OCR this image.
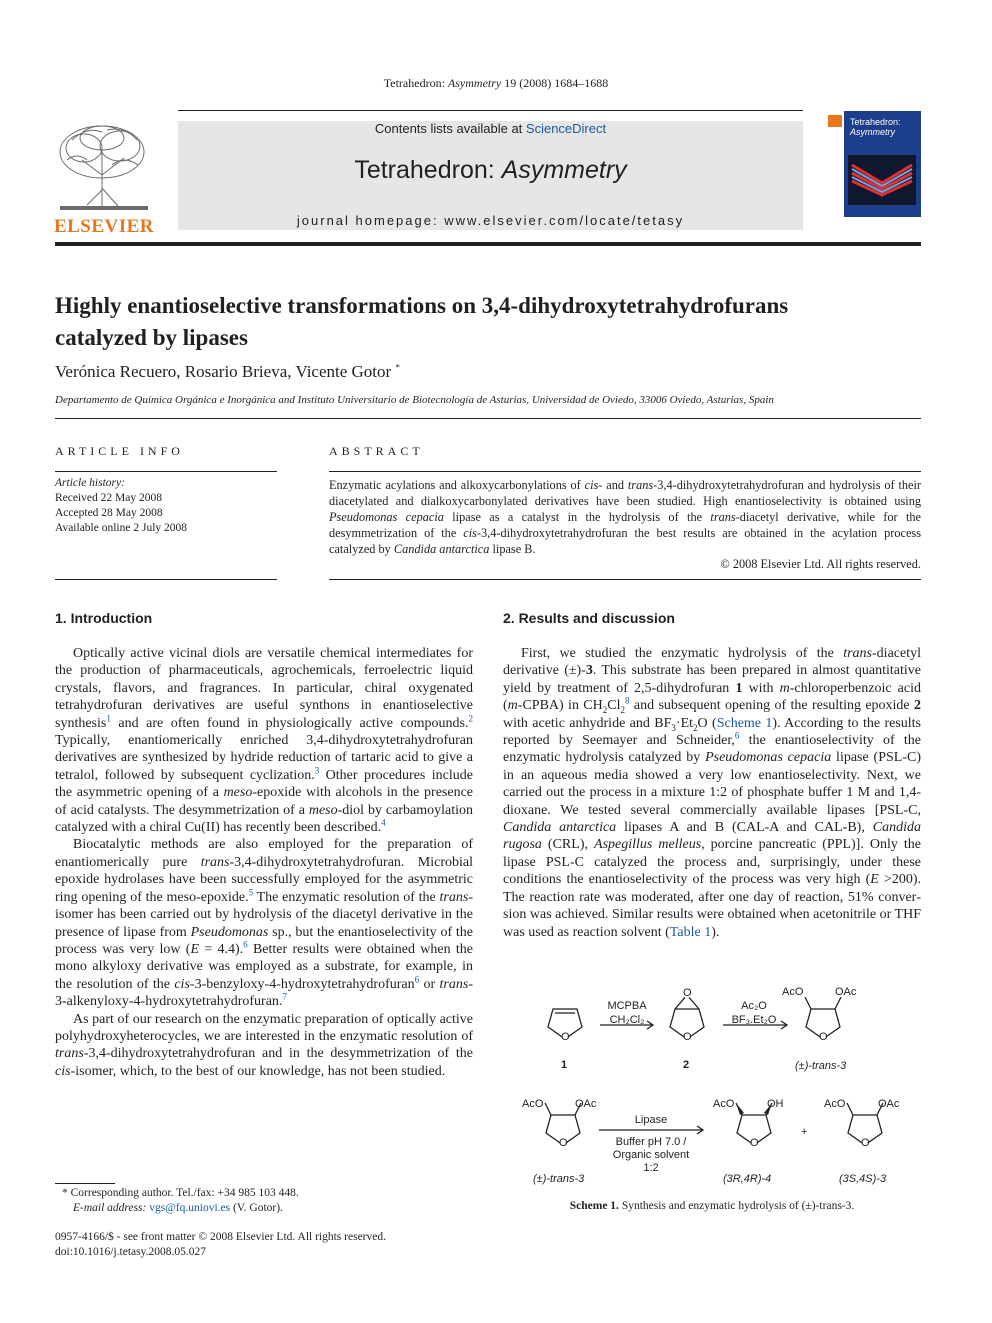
Tetrahedron: Asymmetry 19 (2008) 1684–1688
ELSEVIER
Contents lists available at ScienceDirect
Tetrahedron: Asymmetry
journal homepage: www.elsevier.com/locate/tetasy
Tetrahedron:
Asymmetry
Highly enantioselective transformations on 3,4-dihydroxytetrahydrofurans
catalyzed by lipases
Verónica Recuero, Rosario Brieva, Vicente Gotor *
Departamento de Química Orgánica e Inorgánica and Instituto Universitario de Biotecnología de Asturias, Universidad de Oviedo, 33006 Oviedo, Asturias, Spain
ARTICLE INFO
Article history:
Received 22 May 2008
Accepted 28 May 2008
Available online 2 July 2008
ABSTRACT
Enzymatic acylations and alkoxycarbonylations of cis- and trans-3,4-dihydroxytetrahydrofuran and hydrolysis of their diacetylated and dialkoxycarbonylated derivatives have been studied. High enantioselectivity is obtained using Pseudomonas cepacia lipase as a catalyst in the hydrolysis of the trans-diacetyl derivative, while for the desymmetrization of the cis-3,4-dihydroxytetrahydrofuran the best results are obtained in the acylation process catalyzed by Candida antarctica lipase B.
© 2008 Elsevier Ltd. All rights reserved.
1. Introduction

Optically active vicinal diols are versatile chemical intermediates for the production of pharmaceuticals, agrochemicals, ferroelectric liquid crystals, flavors, and fragrances. In particular, chiral oxygenated tetrahydrofuran derivatives are useful synthons in enantioselective synthesis$^1$ and are often found in physiologically active compounds.$^2$ Typically, enantiomerically enriched 3,4-dihydroxytetrahydrofuran derivatives are synthesized by hydride reduction of tartaric acid to give a tetralol, followed by subsequent cyclization.$^3$ Other procedures include the asymmetric opening of a meso-epoxide with alcohols in the presence of acid catalysts. The desymmetrization of a meso-diol by carbamoylation catalyzed with a chiral Cu(II) has recently been described.$^4$

Biocatalytic methods are also employed for the preparation of enantiomerically pure trans-3,4-dihydroxytetrahydrofuran. Microbial epoxide hydrolases have been successfully employed for the asymmetric ring opening of the meso-epoxide.$^5$ The enzymatic resolution of the trans-isomer has been carried out by hydrolysis of the diacetyl derivative in the presence of lipase from Pseudomonas sp., but the enantioselectivity of the process was very low (E = 4.4).$^6$ Better results were obtained when the mono alkyloxy derivative was employed as a substrate, for example, in the resolution of the cis-3-benzyloxy-4-hydroxytetrahydrofuran$^6$ or trans-3-alkenyloxy-4-hydroxytetrahydrofuran.$^7$

As part of our research on the enzymatic preparation of optically active polyhydroxyheterocycles, we are interested in the enzymatic resolution of trans-3,4-dihydroxytetrahydrofuran and in the desymmetrization of the cis-isomer, which, to the best of our knowledge, has not been studied.

2. Results and discussion

First, we studied the enzymatic hydrolysis of the trans-diacetyl derivative (±)-3. This substrate has been prepared in almost quantitative yield by treatment of 2,5-dihydrofuran 1 with m-chloroperbenzoic acid (m-CPBA) in $CH_2Cl_2^8$ and subsequent opening of the resulting epoxide 2 with acetic anhydride and $BF_3\cdot Et_2O$ (Scheme 1). According to the results reported by Seemayer and Schneider,$^6$ the enantioselectivity of the enzymatic hydrolysis catalyzed by Pseudomonas cepacia lipase (PSL-C) in an aqueous media showed a very low enantioselectivity. Next, we carried out the process in a mixture 1:2 of phosphate buffer 1 M and 1,4-dioxane. We tested several commercially available lipases [PSL-C, Candida antarctica lipases A and B (CAL-A and CAL-B), Candida rugosa (CRL), Aspegillus melleus, porcine pancreatic (PPL)]. Only the lipase PSL-C catalyzed the process and, surprisingly, under these conditions the enantioselectivity of the process was very high (E >200). The reaction rate was moderated, after one day of reaction, 51% conversion was achieved. Similar results were obtained when acetonitrile or THF was used as reaction solvent (Table 1).

O	O
O
O
O	O	O
AcO	OAc
AcO	OAc	AcO	OH	AcO	OAc
MCPBA
CH₂Cl₂
Ac₂O
BF₃.Et₂O
1	2	(±)-trans-3
Lipase
Buffer pH 7.0 /
Organic solvent
1:2
+
(±)-trans-3	(3R,4R)-4	(3S,4S)-3
Scheme 1. Synthesis and enzymatic hydrolysis of (±)-trans-3.
* Corresponding author. Tel./fax: +34 985 103 448.
E-mail address: vgs@fq.uniovi.es (V. Gotor).
0957-4166/$ - see front matter © 2008 Elsevier Ltd. All rights reserved.
doi:10.1016/j.tetasy.2008.05.027
